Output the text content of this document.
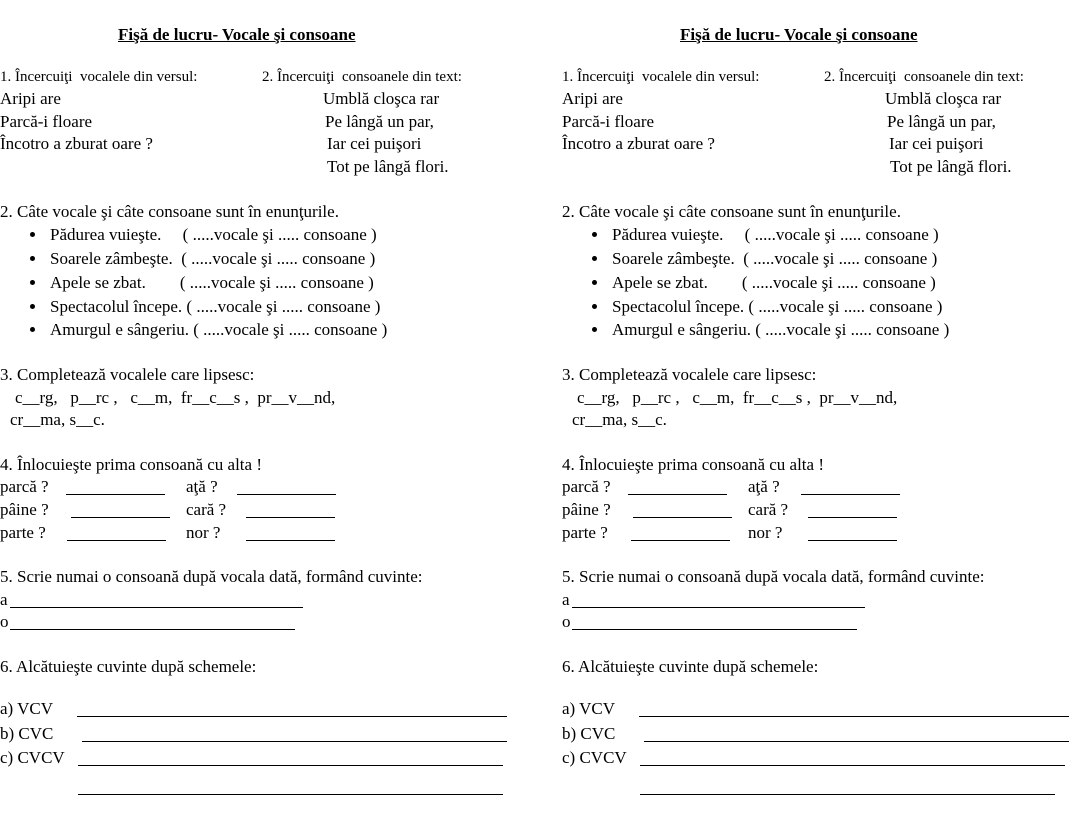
Fişă de lucru- Vocale şi consoane
1. Încercuiţi  vocalele din versul:	2. Încercuiţi  consoanele din text:
Aripi are
Parcă-i floare
Încotro a zburat oare ?
Umblă cloşca rar
Pe lângă un par,
Iar cei puişori
Tot pe lângă flori.
2. Câte vocale şi câte consoane sunt în enunţurile.
Pădurea vuieşte.     ( .....vocale şi ..... consoane )
Soarele zâmbeşte.  ( .....vocale şi ..... consoane )
Apele se zbat.        ( .....vocale şi ..... consoane )
Spectacolul începe. ( .....vocale şi ..... consoane )
Amurgul e sângeriu. ( .....vocale şi ..... consoane )
3. Completează vocalele care lipsesc:
c__rg,   p__rc ,   c__m,  fr__c__s ,  pr__v__nd,
cr__ma, s__c.
4. Înlocuieşte prima consoană cu alta !
parcă ?	aţă ?
pâine ?	cară ?
parte ?	nor ?
5. Scrie numai o consoană după vocala dată, formând cuvinte:
a
o
6. Alcătuieşte cuvinte după schemele:
a) VCV
b) CVC
c) CVCV
Fişă de lucru- Vocale şi consoane
1. Încercuiţi  vocalele din versul:	2. Încercuiţi  consoanele din text:
Aripi are
Parcă-i floare
Încotro a zburat oare ?
Umblă cloşca rar
Pe lângă un par,
Iar cei puişori
Tot pe lângă flori.
2. Câte vocale şi câte consoane sunt în enunţurile.
Pădurea vuieşte.     ( .....vocale şi ..... consoane )
Soarele zâmbeşte.  ( .....vocale şi ..... consoane )
Apele se zbat.        ( .....vocale şi ..... consoane )
Spectacolul începe. ( .....vocale şi ..... consoane )
Amurgul e sângeriu. ( .....vocale şi ..... consoane )
3. Completează vocalele care lipsesc:
c__rg,   p__rc ,   c__m,  fr__c__s ,  pr__v__nd,
cr__ma, s__c.
4. Înlocuieşte prima consoană cu alta !
parcă ?	aţă ?
pâine ?	cară ?
parte ?	nor ?
5. Scrie numai o consoană după vocala dată, formând cuvinte:
a
o
6. Alcătuieşte cuvinte după schemele:
a) VCV
b) CVC
c) CVCV
